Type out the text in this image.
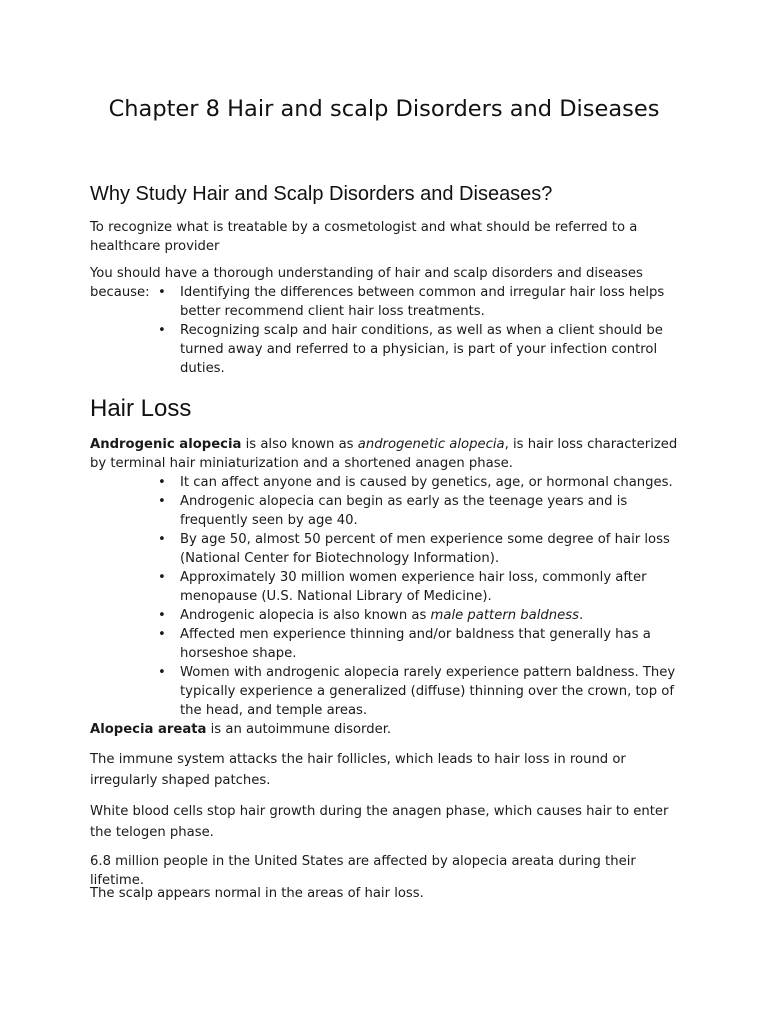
Chapter 8 Hair and scalp Disorders and Diseases
Why Study Hair and Scalp Disorders and Diseases?

To recognize what is treatable by a cosmetologist and what should be referred to a healthcare provider

You should have a thorough understanding of hair and scalp disorders and diseases because:

•	Identifying the differences between common and irregular hair loss helps better recommend client hair loss treatments.
• Recognizing scalp and hair conditions, as well as when a client should be turned away and referred to a physician, is part of your infection control duties.
Hair Loss

Androgenic alopecia is also known as androgenetic alopecia, is hair loss characterized by terminal hair miniaturization and a shortened anagen phase.

• It can affect anyone and is caused by genetics, age, or hormonal changes.
• Androgenic alopecia can begin as early as the teenage years and is frequently seen by age 40.
• By age 50, almost 50 percent of men experience some degree of hair loss (National Center for Biotechnology Information).
• Approximately 30 million women experience hair loss, commonly after menopause (U.S. National Library of Medicine).
• Androgenic alopecia is also known as male pattern baldness.
• Affected men experience thinning and/or baldness that generally has a horseshoe shape.
• Women with androgenic alopecia rarely experience pattern baldness. They typically experience a generalized (diffuse) thinning over the crown, top of the head, and temple areas.

Alopecia areata is an autoimmune disorder.

The immune system attacks the hair follicles, which leads to hair loss in round or irregularly shaped patches.

White blood cells stop hair growth during the anagen phase, which causes hair to enter the telogen phase.

6.8 million people in the United States are affected by alopecia areata during their lifetime.

The scalp appears normal in the areas of hair loss.
